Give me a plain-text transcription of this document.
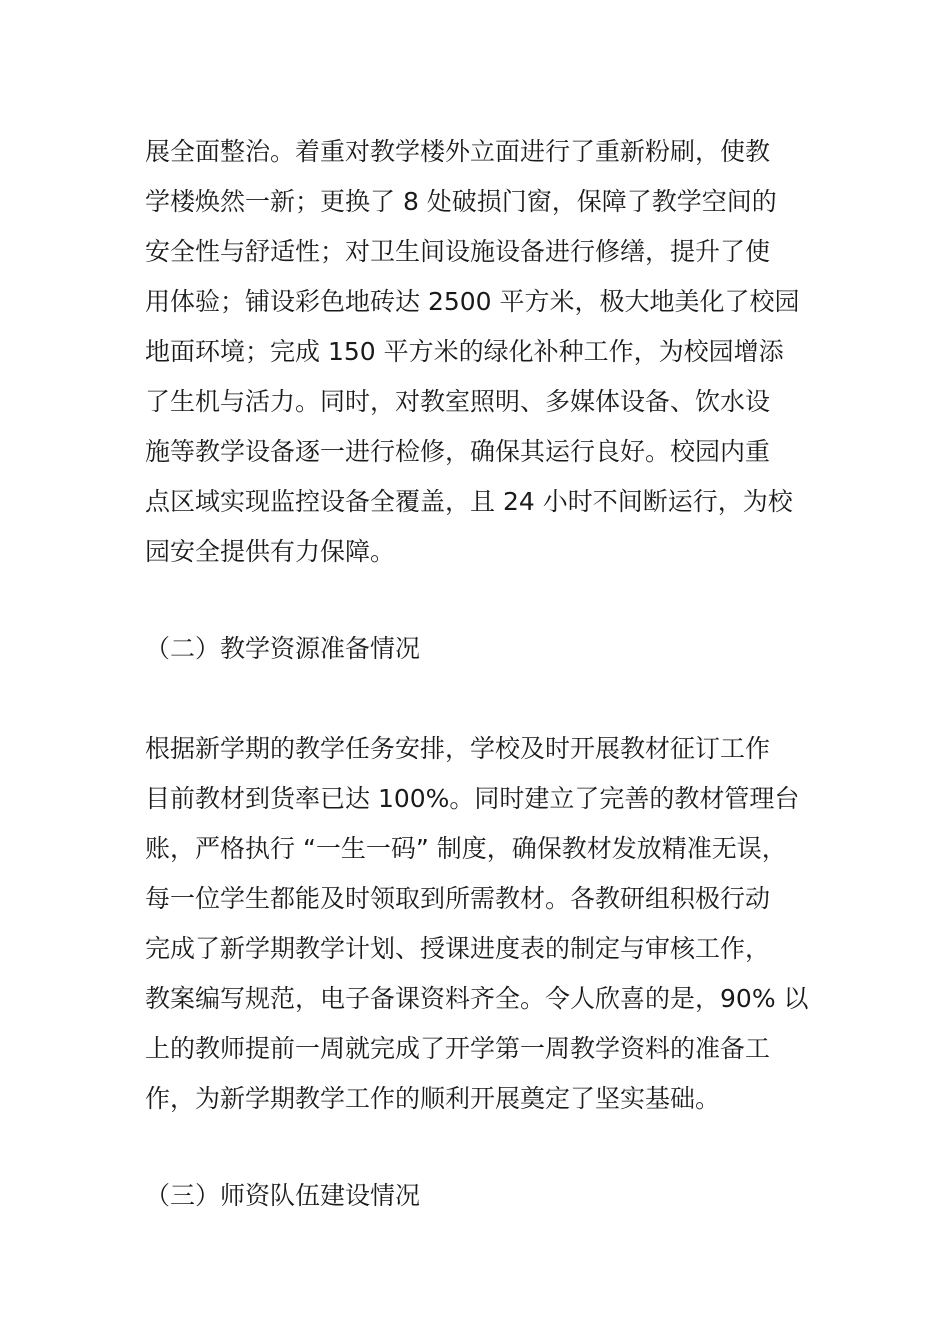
展全面整治。着重对教学楼外立面进行了重新粉刷，使教
学楼焕然一新；更换了 8 处破损门窗，保障了教学空间的
安全性与舒适性；对卫生间设施设备进行修缮，提升了使
用体验；铺设彩色地砖达 2500 平方米，极大地美化了校园
地面环境；完成 150 平方米的绿化补种工作，为校园增添
了生机与活力。同时，对教室照明、多媒体设备、饮水设
施等教学设备逐一进行检修，确保其运行良好。校园内重
点区域实现监控设备全覆盖，且 24 小时不间断运行，为校
园安全提供有力保障。
（二）教学资源准备情况
根据新学期的教学任务安排，学校及时开展教材征订工作
目前教材到货率已达 100%。同时建立了完善的教材管理台
账，严格执行 “一生一码” 制度，确保教材发放精准无误，
每一位学生都能及时领取到所需教材。各教研组积极行动
完成了新学期教学计划、授课进度表的制定与审核工作，
教案编写规范，电子备课资料齐全。令人欣喜的是，90% 以
上的教师提前一周就完成了开学第一周教学资料的准备工
作，为新学期教学工作的顺利开展奠定了坚实基础。
（三）师资队伍建设情况
